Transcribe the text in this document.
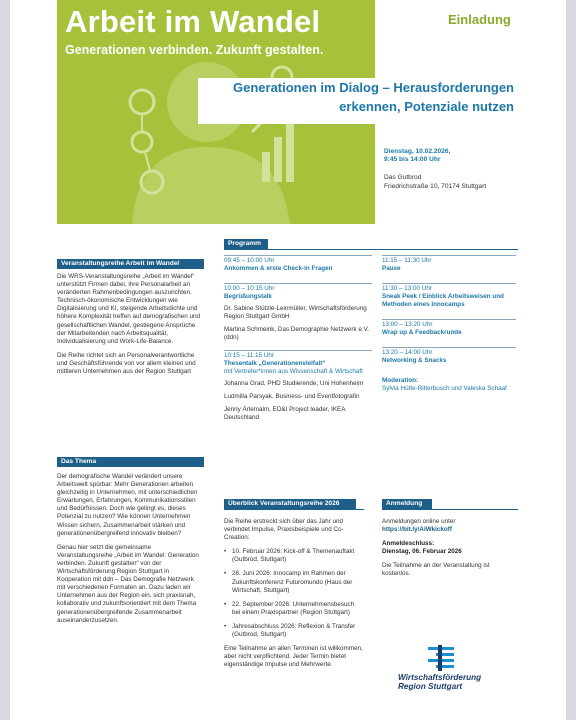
Arbeit im Wandel
Generationen verbinden. Zukunft gestalten.
Einladung
Generationen im Dialog – Herausforderungen
erkennen, Potenziale nutzen
Dienstag, 10.02.2026,
9:45 bis 14:00 Uhr
Das Gutbrod
Friedrichstraße 10, 70174 Stuttgart
Veranstaltungsreihe Arbeit im Wandel

Die WRS-Veranstaltungsreihe „Arbeit im Wandel“ unterstützt Firmen dabei, ihre Personalarbeit an veränderten Rahmenbedingungen auszurichten. Technisch-ökonomische Entwicklungen wie Digitalisierung und KI, steigende Arbeitsdichte und höhere Komplexität treffen auf demografischen und gesellschaftlichen Wandel, gestiegene Ansprüche der Mitarbeitenden nach Arbeitsqualität, Individualisierung und Work-Life-Balance.

Die Reihe richtet sich an Personalverantwortliche und Geschäftsführende von vor allem kleinen und mittleren Unternehmen aus der Region Stuttgart

Das Thema

Der demografische Wandel verändert unsere Arbeitswelt spürbar: Mehr Generationen arbeiten gleichzeitig in Unternehmen, mit unterschiedlichen Erwartungen, Erfahrungen, Kommunikationsstilen und Bedürfnissen. Doch wie gelingt es, dieses Potenzial zu nutzen? Wie können Unternehmen Wissen sichern, Zusammenarbeit stärken und generationenübergreifend innovativ bleiben?

Genau hier setzt die gemeinsame Veranstaltungsreihe „Arbeit im Wandel: Generation verbinden. Zukunft gestalten“ von der Wirtschaftsförderung Region Stuttgart in Kooperation mit ddn – Das Demografie Netzwerk mit verschiedenen Formaten an. Dazu laden wir Unternehmen aus der Region ein, sich praxisnah, kollaborativ und zukunftsorientiert mit dem Thema generationenübergreifende Zusammenarbeit auseinanderzusetzen.

Programm
09:45 – 10:00 Uhr
Ankommen & erste Check-in Fragen
10:00 – 10:15 Uhr
Begrüßungstalk
Dr. Sabine Stützle-Leinmüller, Wirtschaftsförderung Region Stuttgart GmbH
Martina Schmeink, Das Demographie Netzwerk e.V. (ddn)
10:15 – 11:15 Uhr
Thesentalk „Generationenvielfalt“
mit Vertreter*innen aus Wissenschaft & Wirtschaft
Johanna Grad, PHD Studierende, Uni Hohenheim
Ludmilla Parsyak, Business- und Eventfotografin
Jenny Ärlemalm, ED&I Project leader, IKEA Deutschland
11:15 – 11:30 Uhr
Pause
11:30 – 13:00 Uhr
Sneak Peek / Einblick Arbeitsweisen und Methoden eines Innocamps
13:00 – 13:20 Uhr
Wrap up & Feedbackrunde
13:20 – 14:00 Uhr
Networking & Snacks
Moderation:
Sylvia Hütte-Ritterbusch und Valeska Schaaf
Überblick Veranstaltungsreihe 2026
Die Reihe erstreckt sich über das Jahr und verbindet Impulse, Praxisbeispiele und Co-Creation:
• 10. Februar 2026: Kick-off & Themenauftakt (Gutbrod, Stuttgart)
• 26. Juni 2026: Innocamp im Rahmen der Zukunftskonferenz Futuromundo (Haus der Wirtschaft, Stuttgart)
• 22. September 2026: Unternehmensbesuch bei einem Praxispartner (Region Stuttgart)
• Jahresabschluss 2026: Reflexion & Transfer (Gutbrod, Stuttgart)
Eine Teilnahme an allen Terminen ist willkommen, aber nicht verpflichtend. Jeder Termin bietet eigenständige Impulse und Mehrwerte.
Anmeldung
Anmeldungen online unter
https://bit.ly/AiWkickoff
Anmeldeschluss:
Dienstag, 06. Februar 2026
Die Teilnahme an der Veranstaltung ist kostenlos.
Wirtschaftsförderung
Region Stuttgart
